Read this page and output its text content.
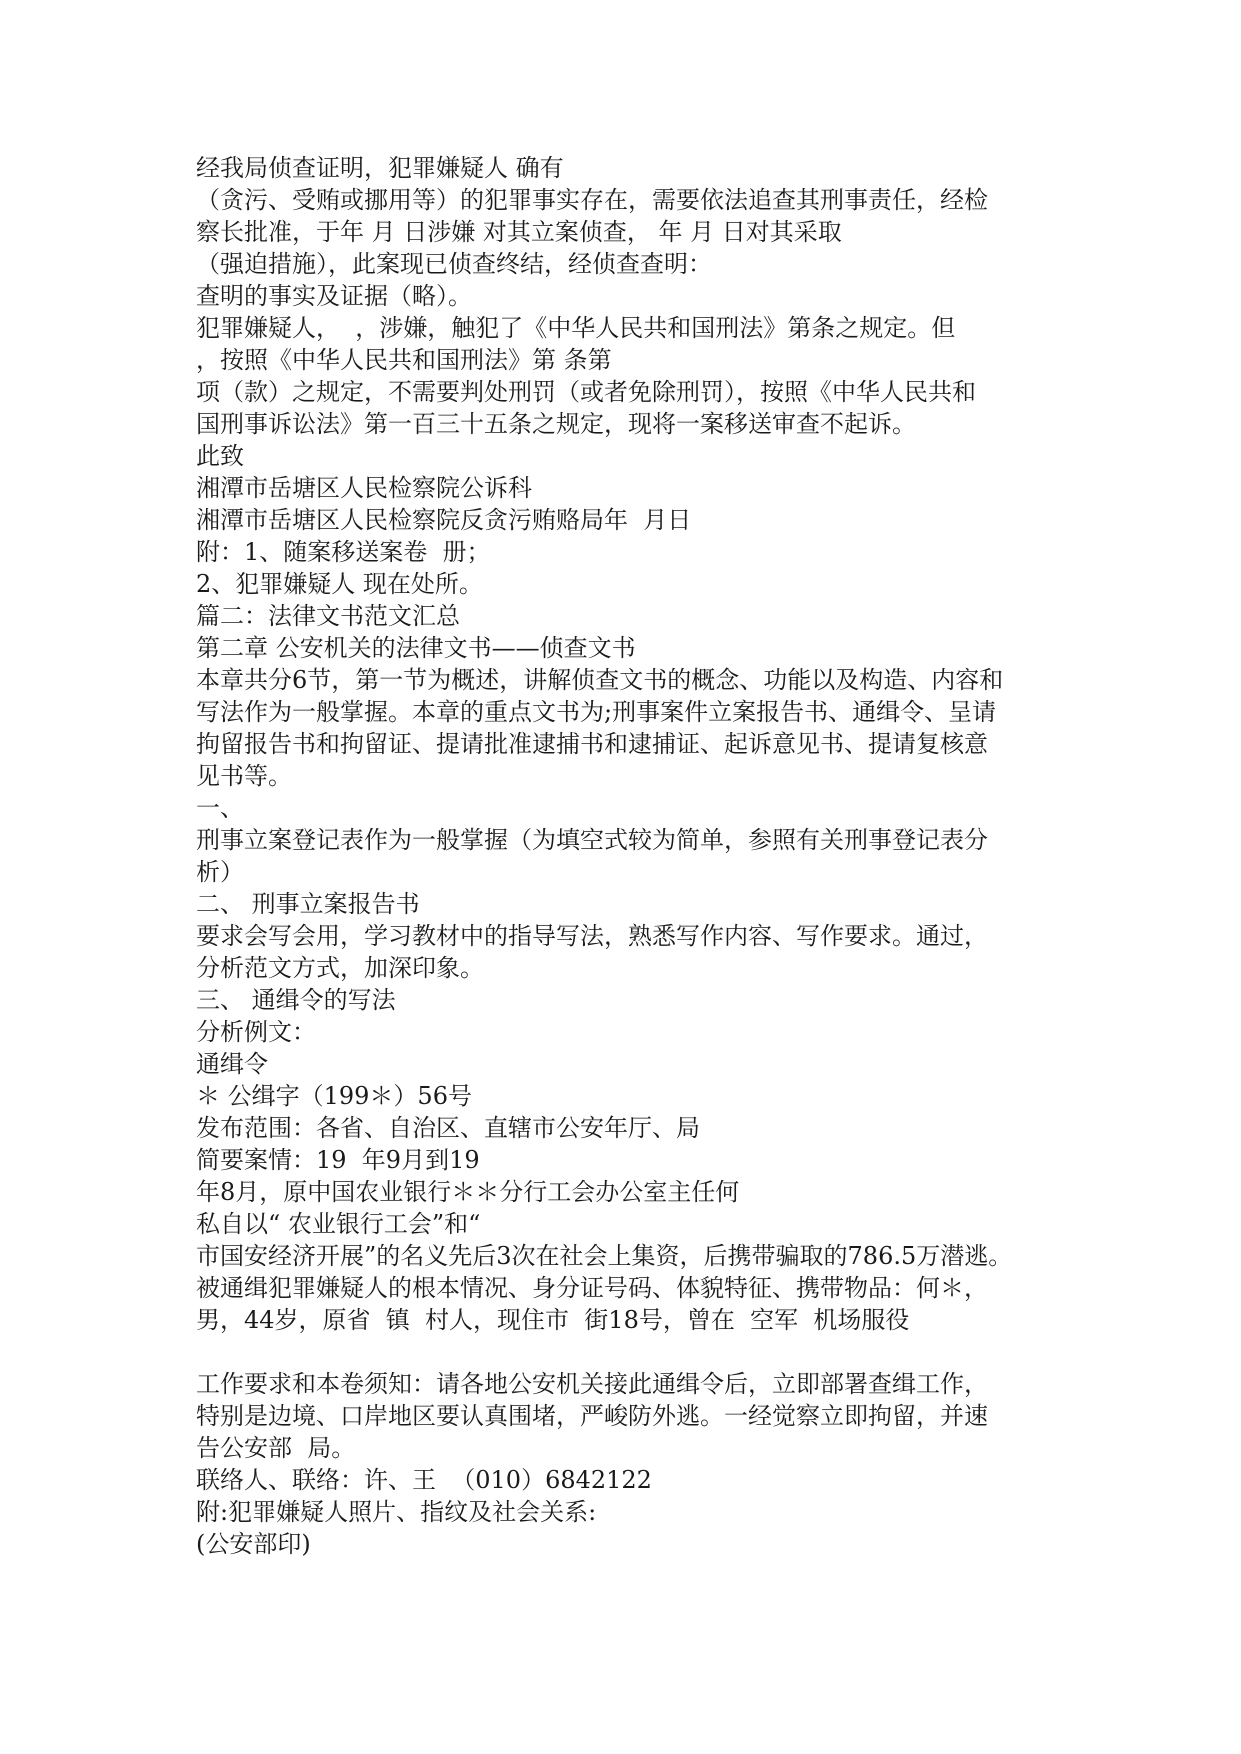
经我局侦查证明，犯罪嫌疑人 确有
（贪污、受贿或挪用等）的犯罪事实存在，需要依法追查其刑事责任，经检
察长批准，于年 月 日涉嫌 对其立案侦查， 年 月 日对其采取
（强迫措施），此案现已侦查终结，经侦查查明：
查明的事实及证据（略）。
犯罪嫌疑人，  ，涉嫌，触犯了《中华人民共和国刑法》第条之规定。但
，按照《中华人民共和国刑法》第 条第
项（款）之规定，不需要判处刑罚（或者免除刑罚），按照《中华人民共和
国刑事诉讼法》第一百三十五条之规定，现将一案移送审查不起诉。
此致
湘潭市岳塘区人民检察院公诉科
湘潭市岳塘区人民检察院反贪污贿赂局年  月日
附：1、随案移送案卷  册；
2、犯罪嫌疑人 现在处所。
篇二：法律文书范文汇总
第二章 公安机关的法律文书——侦查文书
本章共分6节，第一节为概述，讲解侦查文书的概念、功能以及构造、内容和
写法作为一般掌握。本章的重点文书为;刑事案件立案报告书、通缉令、呈请
拘留报告书和拘留证、提请批准逮捕书和逮捕证、起诉意见书、提请复核意
见书等。
一、
刑事立案登记表作为一般掌握（为填空式较为简单，参照有关刑事登记表分
析）
二、 刑事立案报告书
要求会写会用，学习教材中的指导写法，熟悉写作内容、写作要求。通过，
分析范文方式，加深印象。
三、 通缉令的写法
分析例文：
通缉令
＊ 公缉字（199＊）56号
发布范围：各省、自治区、直辖市公安年厅、局
简要案情：19  年9月到19
年8月，原中国农业银行＊＊分行工会办公室主任何
私自以“ 农业银行工会”和“
市国安经济开展”的名义先后3次在社会上集资，后携带骗取的786.5万潜逃。
被通缉犯罪嫌疑人的根本情况、身分证号码、体貌特征、携带物品：何＊，
男，44岁，原省  镇  村人，现住市  街18号，曾在  空军  机场服役
工作要求和本卷须知：请各地公安机关接此通缉令后，立即部署查缉工作，
特别是边境、口岸地区要认真围堵，严峻防外逃。一经觉察立即拘留，并速
告公安部  局。
联络人、联络：许、王  （010）6842122
附:犯罪嫌疑人照片、指纹及社会关系:
(公安部印)
